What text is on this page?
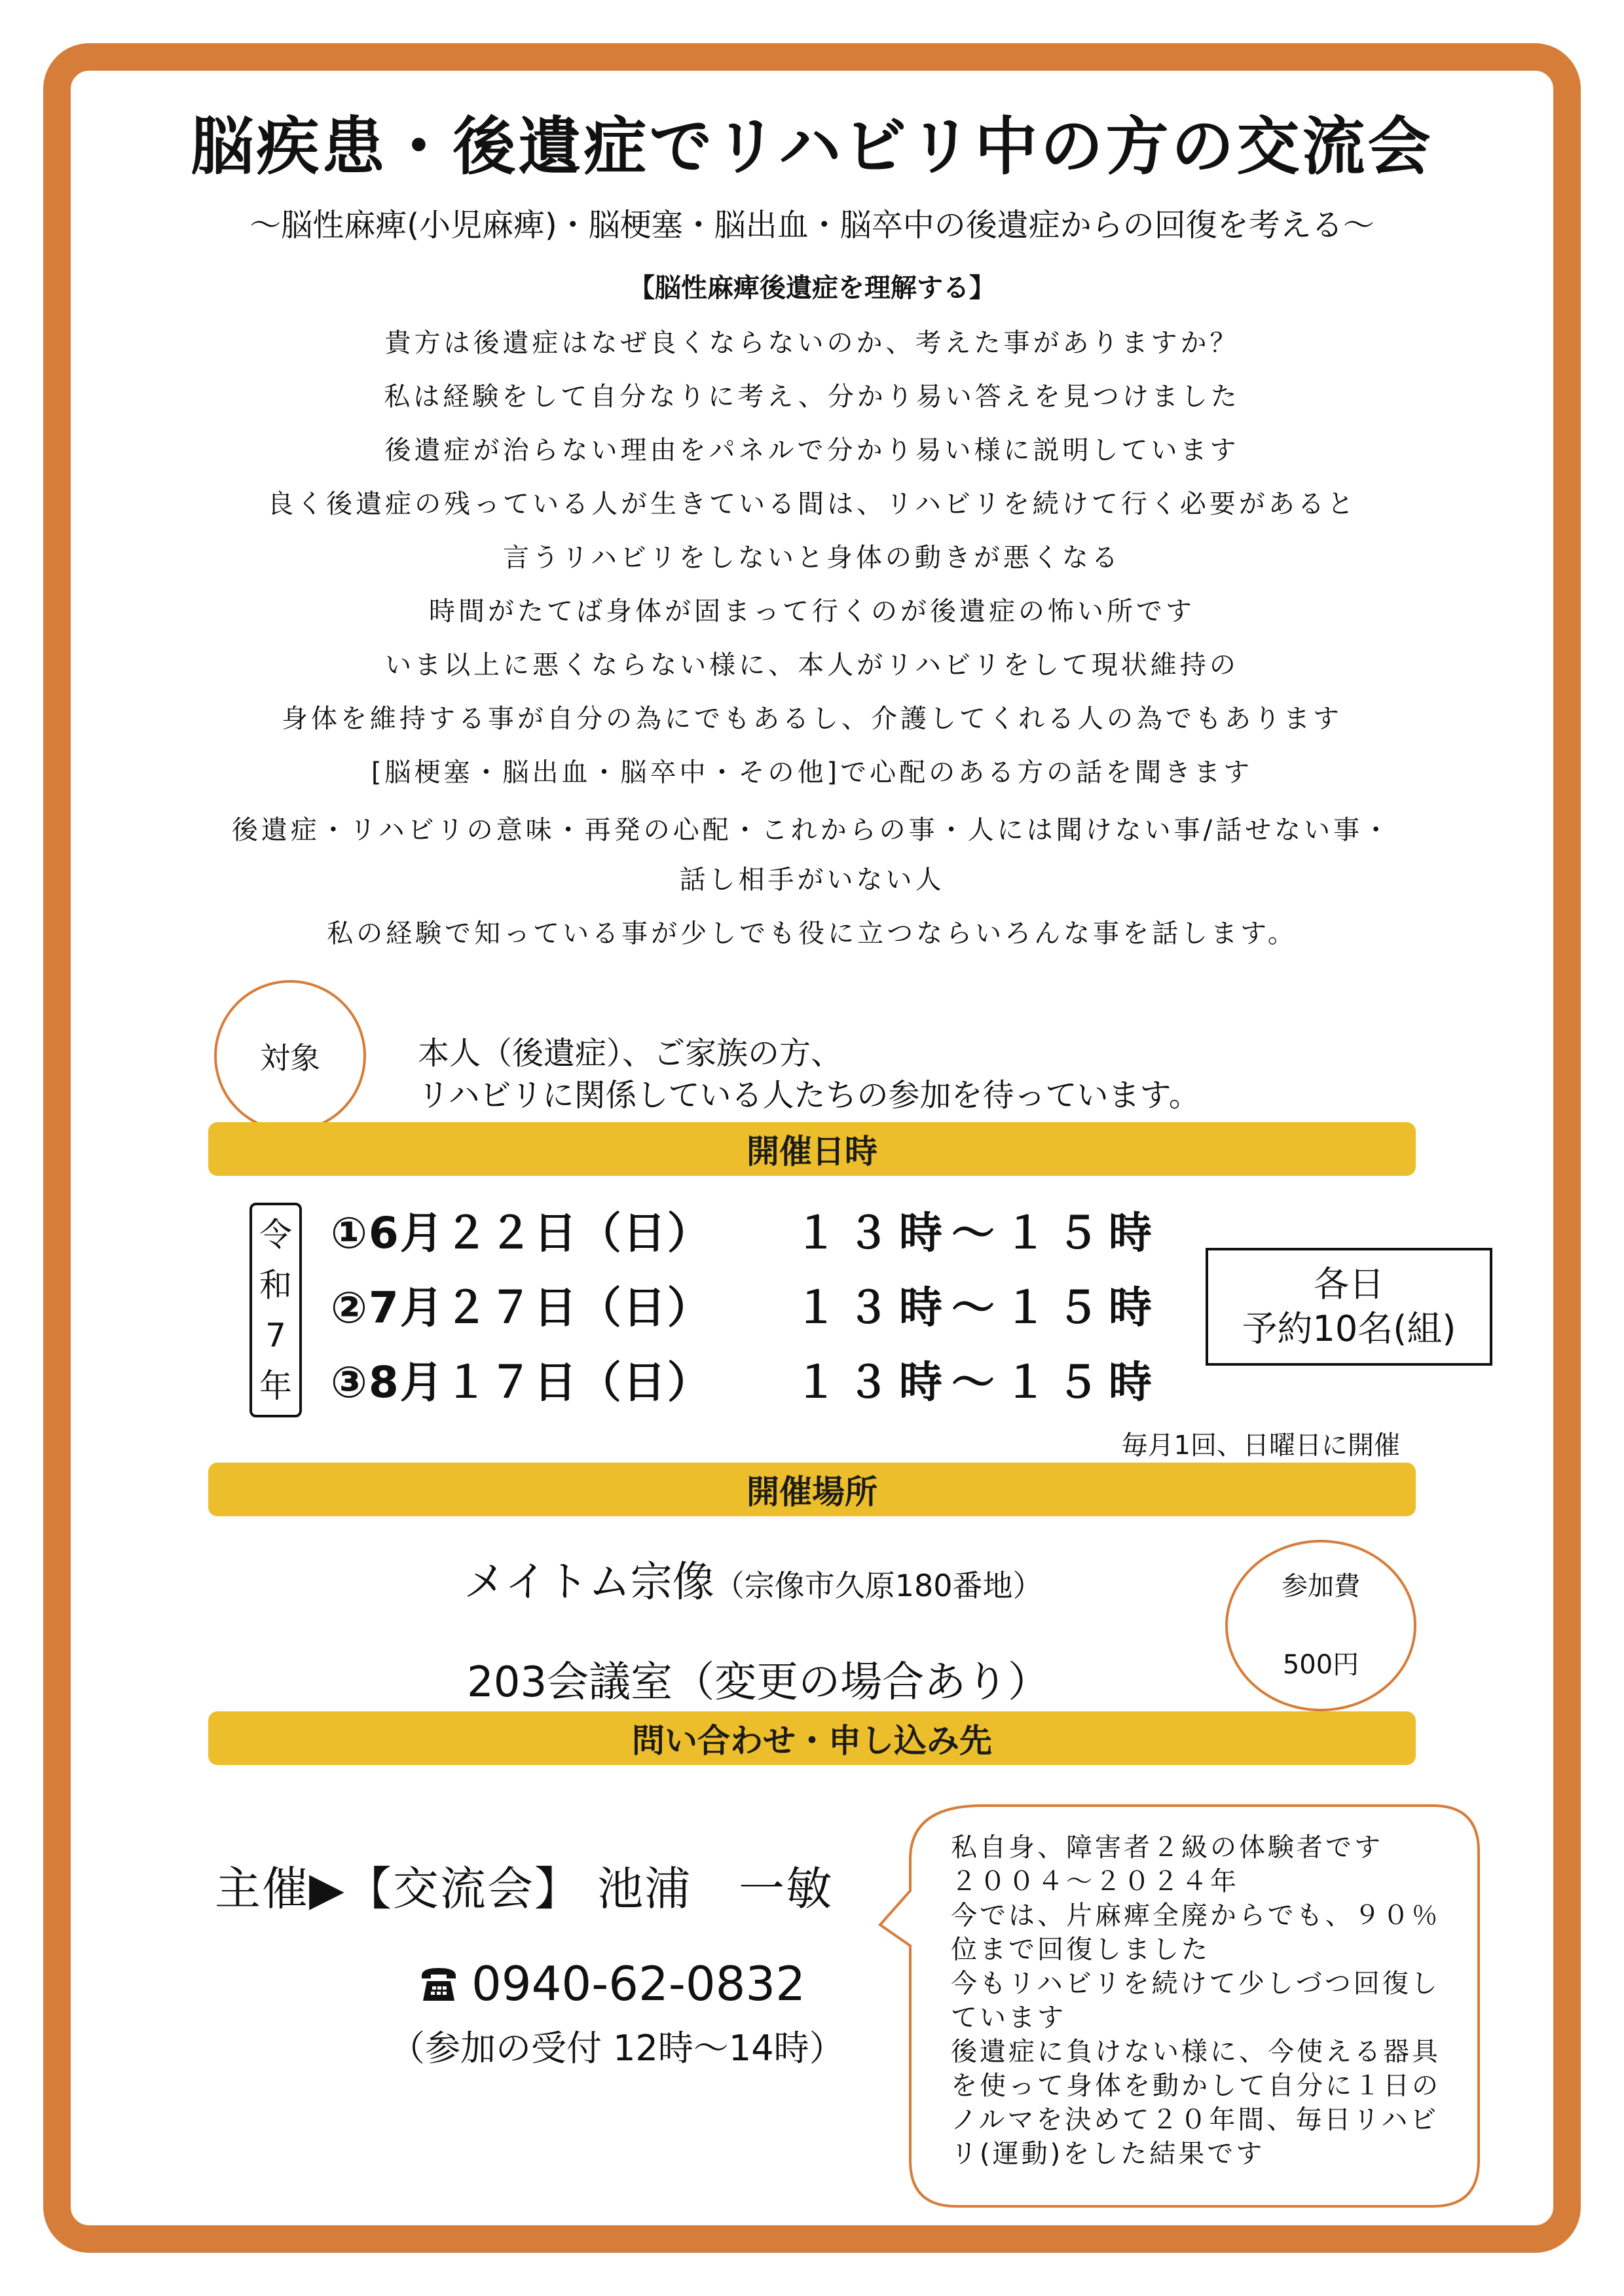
脳疾患・後遺症でリハビリ中の方の交流会
〜脳性麻痺(小児麻痺)・脳梗塞・脳出血・脳卒中の後遺症からの回復を考える〜
【脳性麻痺後遺症を理解する】
貴方は後遺症はなぜ良くならないのか、考えた事がありますか？
私は経験をして自分なりに考え、分かり易い答えを見つけました
後遺症が治らない理由をパネルで分かり易い様に説明しています
良く後遺症の残っている人が生きている間は、リハビリを続けて行く必要があると
言うリハビリをしないと身体の動きが悪くなる
時間がたてば身体が固まって行くのが後遺症の怖い所です
いま以上に悪くならない様に、本人がリハビリをして現状維持の
身体を維持する事が自分の為にでもあるし、介護してくれる人の為でもあります
[脳梗塞・脳出血・脳卒中・その他]で心配のある方の話を聞きます
後遺症・リハビリの意味・再発の心配・これからの事・人には聞けない事/話せない事・
話し相手がいない人
私の経験で知っている事が少しでも役に立つならいろんな事を話します。
対象	本人（後遺症）、ご家族の方、
リハビリに関係している人たちの参加を待っています。
開催日時
令
和
7
年
①6月２２日（日） １３時〜１５時
②7月２７日（日） １３時〜１５時
③8月１７日（日） １３時〜１５時
各日
予約10名(組)
毎月1回、日曜日に開催
開催場所
メイトム宗像（宗像市久原180番地）
203会議室（変更の場合あり）
参加費
500円
問い合わせ・申し込み先
主催▶【交流会】 池浦　一敏
0940-62-0832
（参加の受付 12時〜14時）
私自身、障害者２級の体験者です
２００４〜２０２４年
今では、片麻痺全廃からでも、９０％
位まで回復しました
今もリハビリを続けて少しづつ回復し
ています
後遺症に負けない様に、今使える器具
を使って身体を動かして自分に１日の
ノルマを決めて２０年間、毎日リハビ
リ(運動)をした結果です
